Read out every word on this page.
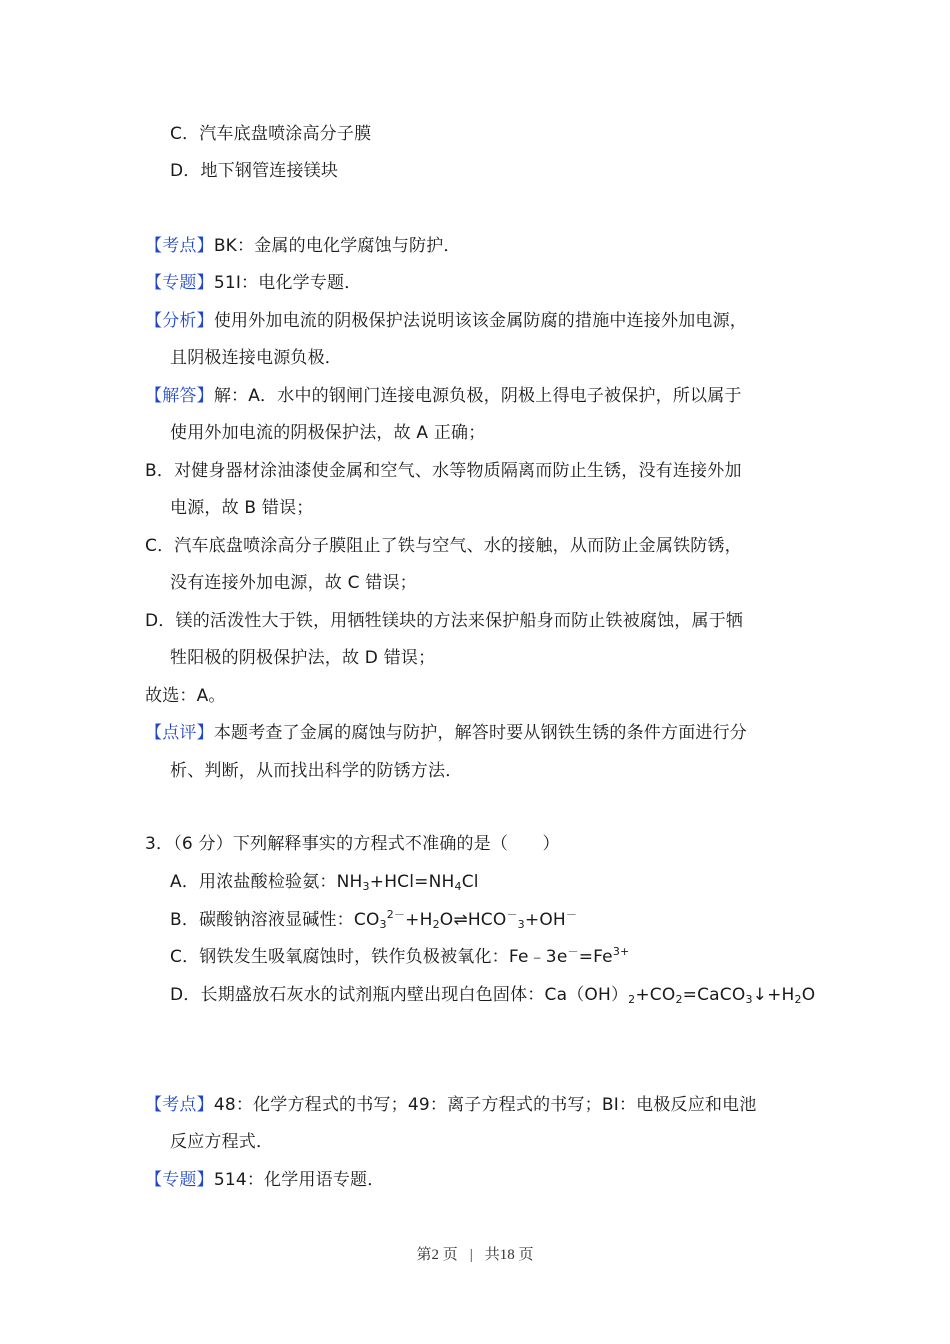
C．汽车底盘喷涂高分子膜
D．地下钢管连接镁块
【考点】BK：金属的电化学腐蚀与防护．
【专题】51I：电化学专题．
【分析】使用外加电流的阴极保护法说明该该金属防腐的措施中连接外加电源，
且阴极连接电源负极．
【解答】解：A．水中的钢闸门连接电源负极，阴极上得电子被保护，所以属于
使用外加电流的阴极保护法，故 A 正确；
B．对健身器材涂油漆使金属和空气、水等物质隔离而防止生锈，没有连接外加
电源，故 B 错误；
C．汽车底盘喷涂高分子膜阻止了铁与空气、水的接触，从而防止金属铁防锈，
没有连接外加电源，故 C 错误；
D．镁的活泼性大于铁，用牺牲镁块的方法来保护船身而防止铁被腐蚀，属于牺
牲阳极的阴极保护法，故 D 错误；
故选：A。
【点评】本题考查了金属的腐蚀与防护，解答时要从钢铁生锈的条件方面进行分
析、判断，从而找出科学的防锈方法．
3．（6 分）下列解释事实的方程式不准确的是（　　）
A．用浓盐酸检验氨：$NH_3+HCl=NH_4Cl$
B．碳酸钠溶液显碱性：$CO_3^{2-}+H_2O\rightleftharpoons HCO^-_3+OH^-$
C．钢铁发生吸氧腐蚀时，铁作负极被氧化：$Fe﹣3e^-=Fe^{3+}$
D．长期盛放石灰水的试剂瓶内壁出现白色固体：$Ca(OH)_2+CO_2=CaCO_3↓+H_2O$
【考点】48：化学方程式的书写；49：离子方程式的书写；BI：电极反应和电池
反应方程式．
【专题】514：化学用语专题．
第2 页 | 共18 页
